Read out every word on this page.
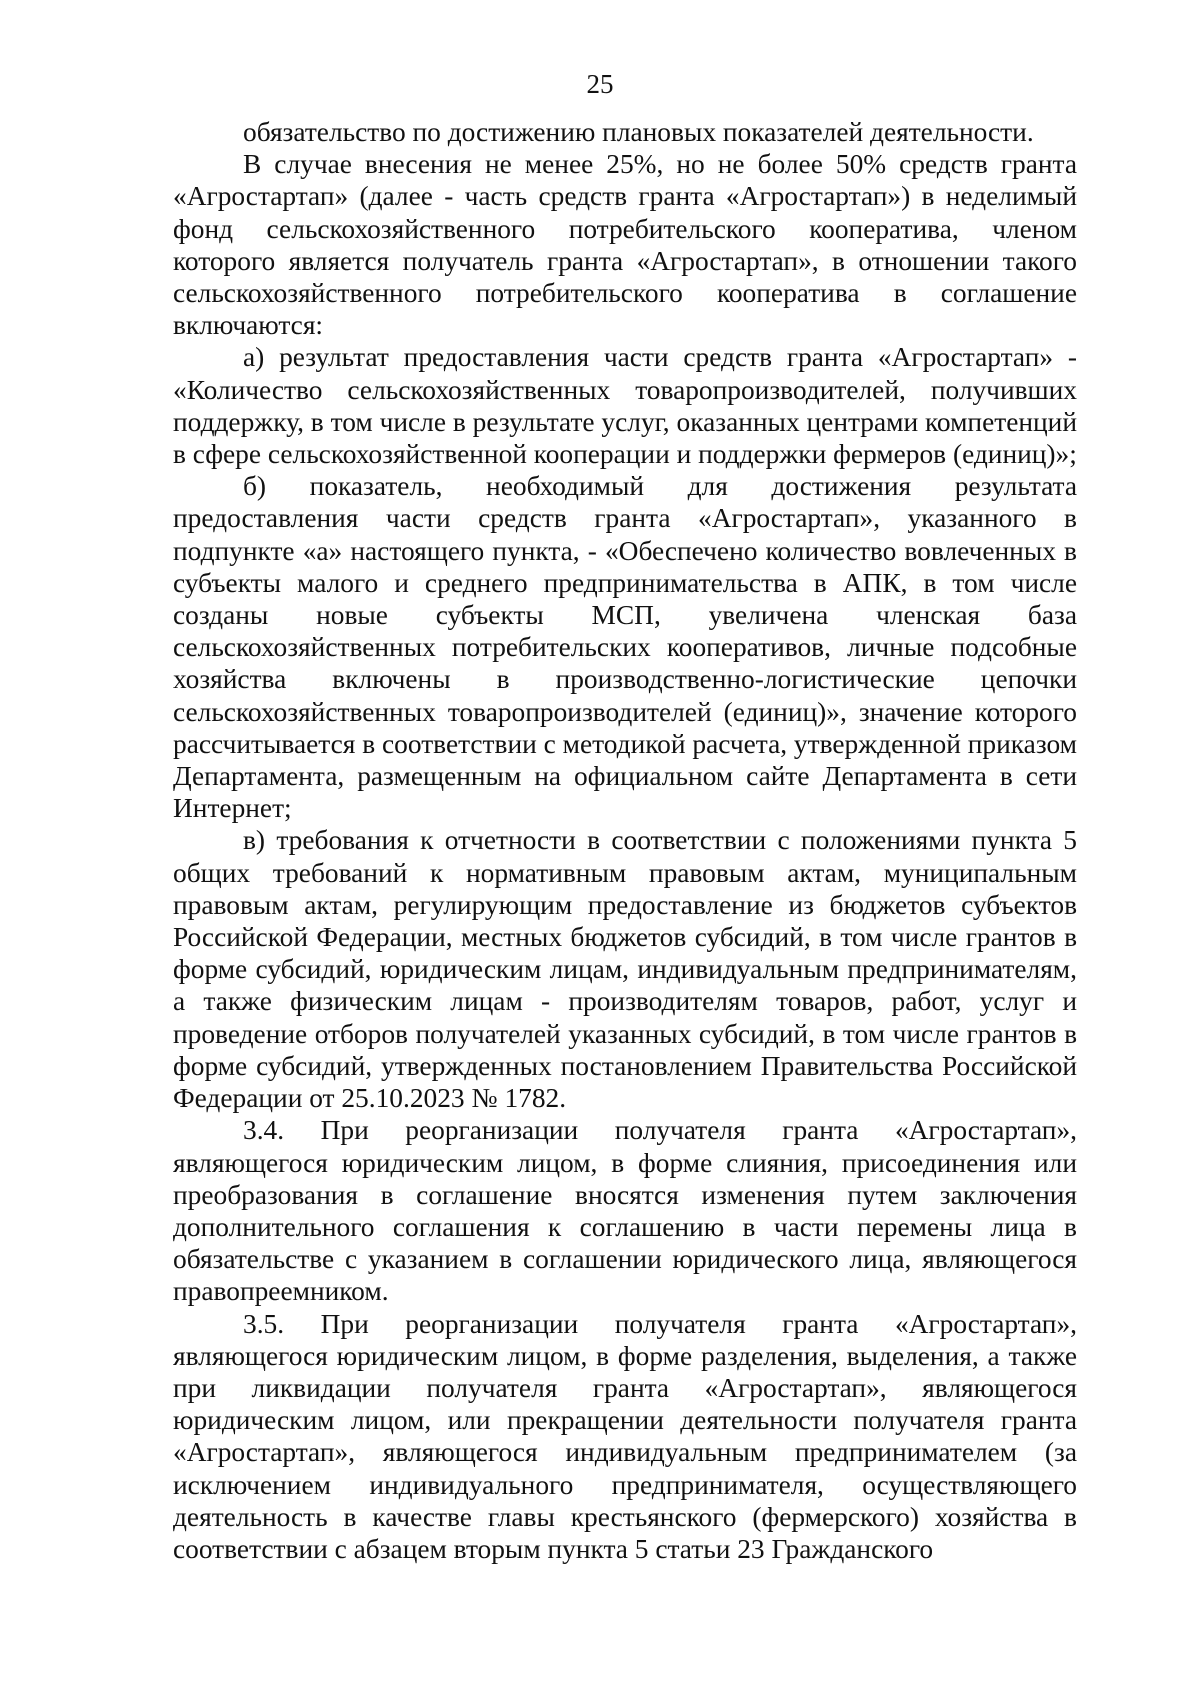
25

обязательство по достижению плановых показателей деятельности.

В случае внесения не менее 25%, но не более 50% средств гранта «Агростартап» (далее - часть средств гранта «Агростартап») в неделимый фонд сельскохозяйственного потребительского кооператива, членом которого является получатель гранта «Агростартап», в отношении такого сельскохозяйственного потребительского кооператива в соглашение включаются:

а) результат предоставления части средств гранта «Агростартап» - «Количество сельскохозяйственных товаропроизводителей, получивших поддержку, в том числе в результате услуг, оказанных центрами компетенций в сфере сельскохозяйственной кооперации и поддержки фермеров (единиц)»;

б) показатель, необходимый для достижения результата предоставления части средств гранта «Агростартап», указанного в подпункте «а» настоящего пункта, - «Обеспечено количество вовлеченных в субъекты малого и среднего предпринимательства в АПК, в том числе созданы новые субъекты МСП, увеличена членская база сельскохозяйственных потребительских кооперативов, личные подсобные хозяйства включены в производственно-логистические цепочки сельскохозяйственных товаропроизводителей (единиц)», значение которого рассчитывается в соответствии с методикой расчета, утвержденной приказом Департамента, размещенным на официальном сайте Департамента в сети Интернет;

в) требования к отчетности в соответствии с положениями пункта 5 общих требований к нормативным правовым актам, муниципальным правовым актам, регулирующим предоставление из бюджетов субъектов Российской Федерации, местных бюджетов субсидий, в том числе грантов в форме субсидий, юридическим лицам, индивидуальным предпринимателям, а также физическим лицам - производителям товаров, работ, услуг и проведение отборов получателей указанных субсидий, в том числе грантов в форме субсидий, утвержденных постановлением Правительства Российской Федерации от 25.10.2023 № 1782.

3.4. При реорганизации получателя гранта «Агростартап», являющегося юридическим лицом, в форме слияния, присоединения или преобразования в соглашение вносятся изменения путем заключения дополнительного соглашения к соглашению в части перемены лица в обязательстве с указанием в соглашении юридического лица, являющегося правопреемником.

3.5. При реорганизации получателя гранта «Агростартап», являющегося юридическим лицом, в форме разделения, выделения, а также при ликвидации получателя гранта «Агростартап», являющегося юридическим лицом, или прекращении деятельности получателя гранта «Агростартап», являющегося индивидуальным предпринимателем (за исключением индивидуального предпринимателя, осуществляющего деятельность в качестве главы крестьянского (фермерского) хозяйства в соответствии с абзацем вторым пункта 5 статьи 23 Гражданского
